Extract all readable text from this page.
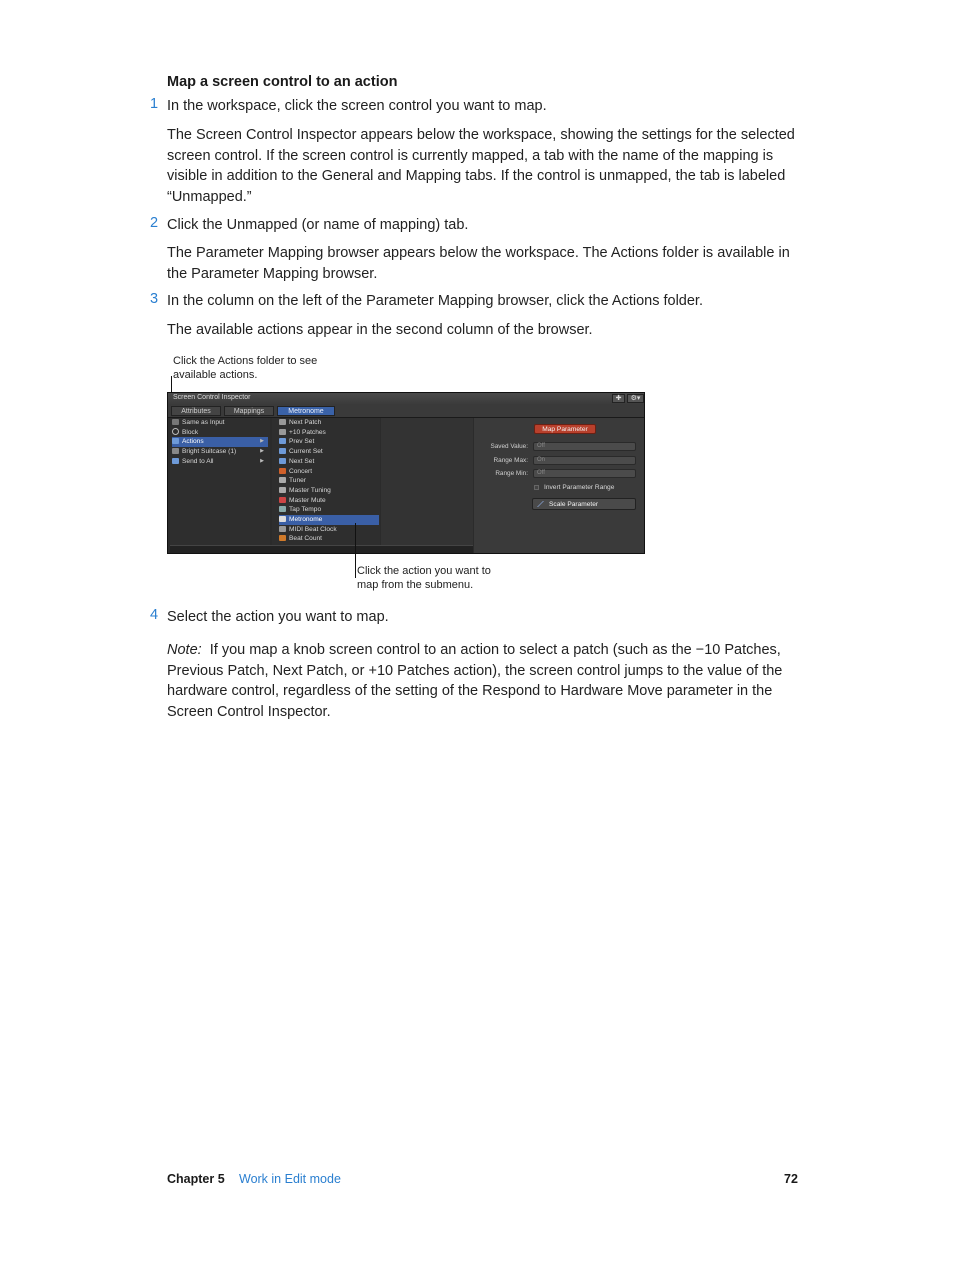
Map a screen control to an action
1 In the workspace, click the screen control you want to map.
The Screen Control Inspector appears below the workspace, showing the settings for the selected screen control. If the screen control is currently mapped, a tab with the name of the mapping is visible in addition to the General and Mapping tabs. If the control is unmapped, the tab is labeled “Unmapped.”
2 Click the Unmapped (or name of mapping) tab.
The Parameter Mapping browser appears below the workspace. The Actions folder is available in the Parameter Mapping browser.
3 In the column on the left of the Parameter Mapping browser, click the Actions folder.
The available actions appear in the second column of the browser.
Click the Actions folder to see
available actions.
Screen Control Inspector	✚	⚙▾
Attributes	Mappings	Metronome
Same as Input
Block
Actions	▶
Bright Suitcase (1)	▶
Send to All	▶
Next Patch
+10 Patches
Prev Set
Current Set
Next Set
Concert
Tuner
Master Tuning
Master Mute
Tap Tempo
Metronome
MIDI Beat Clock
Beat Count
Map Parameter
Saved Value:	Off
Range Max:	On
Range Min:	Off
Invert Parameter Range
Scale Parameter
Click the action you want to
map from the submenu.
4 Select the action you want to map.
Note: If you map a knob screen control to an action to select a patch (such as the −10 Patches, Previous Patch, Next Patch, or +10 Patches action), the screen control jumps to the value of the hardware control, regardless of the setting of the Respond to Hardware Move parameter in the Screen Control Inspector.
Chapter 5 Work in Edit mode	72
